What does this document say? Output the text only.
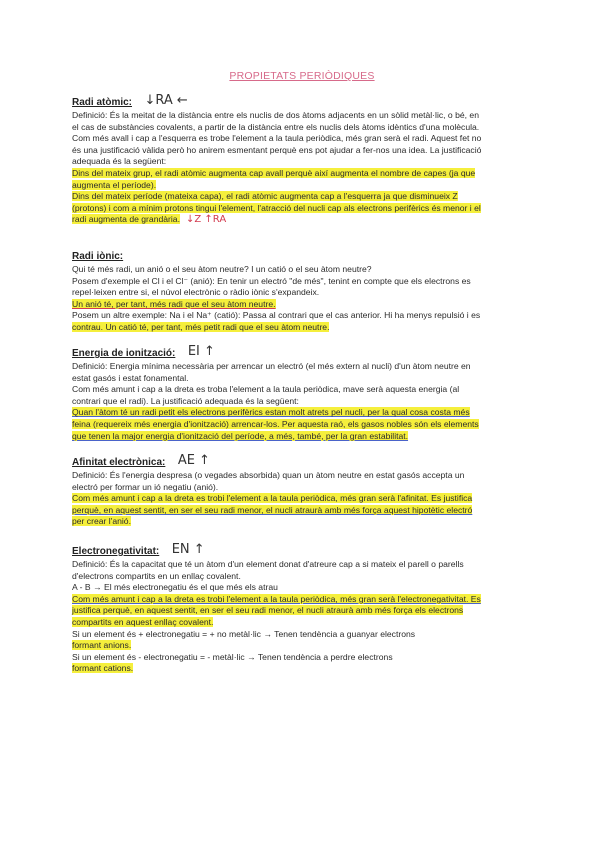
PROPIETATS PERIÒDIQUES
Radi atòmic: ↓RA ←

Definició: És la meitat de la distància entre els nuclis de dos àtoms adjacents en un sòlid metàl·lic, o bé, en

el cas de substàncies covalents, a partir de la distància entre els nuclis dels àtoms idèntics d'una molècula.

Com més avall i cap a l'esquerra es trobe l'element a la taula periòdica, més gran serà el radi. Aquest fet no

és una justificació vàlida però ho anirem esmentant perquè ens pot ajudar a fer-nos una idea. La justificació

adequada és la següent:

Dins del mateix grup, el radi atòmic augmenta cap avall perquè així augmenta el nombre de capes (ja que

augmenta el període).

Dins del mateix període (mateixa capa), el radi atòmic augmenta cap a l'esquerra ja que disminueix Z

(protons) i com a mínim protons tingui l'element, l'atracció del nucli cap als electrons perifèrics és menor i el

radi augmenta de grandària. ↓Z ↑RA

Radi iònic:

Qui té més radi, un anió o el seu àtom neutre? I un catió o el seu àtom neutre?

Posem d'exemple el Cl i el Cl⁻ (anió): En tenir un electró "de més", tenint en compte que els electrons es

repel·leixen entre si, el núvol electrònic o ràdio iònic s'expandeix.

Un anió té, per tant, més radi que el seu àtom neutre.

Posem un altre exemple: Na i el Na⁺ (catió): Passa al contrari que el cas anterior. Hi ha menys repulsió i es

contrau. Un catió té, per tant, més petit radi que el seu àtom neutre.

Energia de ionització: EI ↑

Definició: Energia mínima necessària per arrencar un electró (el més extern al nucli) d'un àtom neutre en

estat gasós i estat fonamental.

Com més amunt i cap a la dreta es troba l'element a la taula periòdica, mave serà aquesta energia (al

contrari que el radi). La justificació adequada és la següent:

Quan l'àtom té un radi petit els electrons perifèrics estan molt atrets pel nucli, per la qual cosa costa més

feina (requereix més energia d'ionització) arrencar-los. Per aquesta raó, els gasos nobles són els elements

que tenen la major energia d'ionització del període, a més, també, per la gran estabilitat.

Afinitat electrònica: AE ↑

Definició: És l'energia despresa (o vegades absorbida) quan un àtom neutre en estat gasós accepta un

electró per formar un ió negatiu (anió).

Com més amunt i cap a la dreta es trobi l'element a la taula periòdica, més gran serà l'afinitat. Es justifica

perquè, en aquest sentit, en ser el seu radi menor, el nucli atraurà amb més força aquest hipotètic electró

per crear l'anió.

Electronegativitat: EN ↑

Definició: És la capacitat que té un àtom d'un element donat d'atreure cap a si mateix el parell o parells

d'electrons compartits en un enllaç covalent.

A - B → El més electronegatiu és el que més els atrau

Com més amunt i cap a la dreta es trobi l'element a la taula periòdica, més gran serà l'electronegativitat. Es

justifica perquè, en aquest sentit, en ser el seu radi menor, el nucli atraurà amb més força els electrons

compartits en aquest enllaç covalent.

Si un element és + electronegatiu = + no metàl·lic → Tenen tendència a guanyar electrons

formant anions.

Si un element és - electronegatiu = - metàl·lic → Tenen tendència a perdre electrons

formant cations.
